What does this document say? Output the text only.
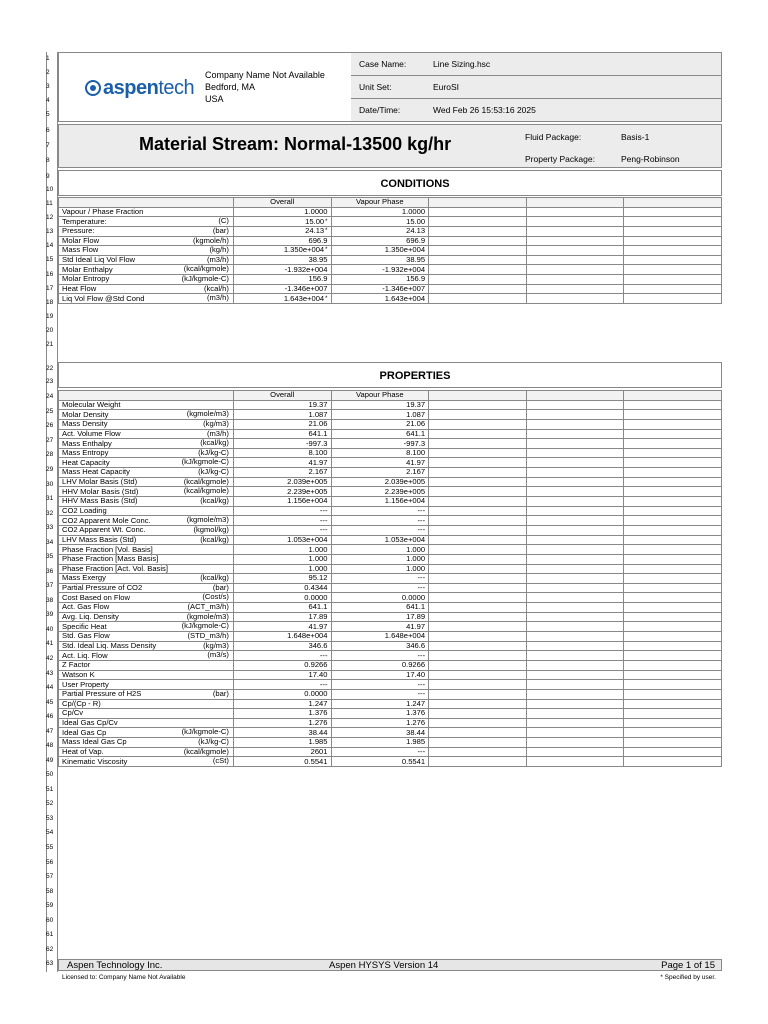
1
2
3
4
5
6
7
8
9
10
11
12
13
14
15
16
17
18
19
20
21
22
23
24
25
26
27
28
29
30
31
32
33
34
35
36
37
38
39
40
41
42
43
44
45
46
47
48
49
50
51
52
53
54
55
56
57
58
59
60
61
62
63
aspentech
Company Name Not Available
Bedford, MA
USA
Case Name:	Line Sizing.hsc
Unit Set:	EuroSI
Date/Time:	Wed Feb 26 15:53:16 2025
Material Stream: Normal-13500 kg/hr	Fluid Package:	Basis-1
Property Package:	Peng-Robinson
CONDITIONS
	Overall	Vapour Phase			
Vapour / Phase Fraction	1.0000	1.0000			
Temperature: (C)	15.00*	15.00			
Pressure: (bar)	24.13*	24.13			
Molar Flow (kgmole/h)	696.9	696.9			
Mass Flow (kg/h)	1.350e+004*	1.350e+004			
Std Ideal Liq Vol Flow (m3/h)	38.95	38.95			
Molar Enthalpy (kcal/kgmole)	-1.932e+004	-1.932e+004			
Molar Entropy (kJ/kgmole-C)	156.9	156.9			
Heat Flow (kcal/h)	-1.346e+007	-1.346e+007			
Liq Vol Flow @Std Cond (m3/h)	1.643e+004*	1.643e+004			
PROPERTIES
	Overall	Vapour Phase			
Molecular Weight	19.37	19.37			
Molar Density (kgmole/m3)	1.087	1.087			
Mass Density (kg/m3)	21.06	21.06			
Act. Volume Flow (m3/h)	641.1	641.1			
Mass Enthalpy (kcal/kg)	-997.3	-997.3			
Mass Entropy (kJ/kg-C)	8.100	8.100			
Heat Capacity (kJ/kgmole-C)	41.97	41.97			
Mass Heat Capacity (kJ/kg-C)	2.167	2.167			
LHV Molar Basis (Std) (kcal/kgmole)	2.039e+005	2.039e+005			
HHV Molar Basis (Std) (kcal/kgmole)	2.239e+005	2.239e+005			
HHV Mass Basis (Std) (kcal/kg)	1.156e+004	1.156e+004			
CO2 Loading	---	---			
CO2 Apparent Mole Conc. (kgmole/m3)	---	---			
CO2 Apparent Wt. Conc. (kgmol/kg)	---	---			
LHV Mass Basis (Std) (kcal/kg)	1.053e+004	1.053e+004			
Phase Fraction [Vol. Basis]	1.000	1.000			
Phase Fraction [Mass Basis]	1.000	1.000			
Phase Fraction [Act. Vol. Basis]	1.000	1.000			
Mass Exergy (kcal/kg)	95.12	---			
Partial Pressure of CO2 (bar)	0.4344	---			
Cost Based on Flow (Cost/s)	0.0000	0.0000			
Act. Gas Flow (ACT_m3/h)	641.1	641.1			
Avg. Liq. Density (kgmole/m3)	17.89	17.89			
Specific Heat (kJ/kgmole-C)	41.97	41.97			
Std. Gas Flow (STD_m3/h)	1.648e+004	1.648e+004			
Std. Ideal Liq. Mass Density (kg/m3)	346.6	346.6			
Act. Liq. Flow (m3/s)	---	---			
Z Factor	0.9266	0.9266			
Watson K	17.40	17.40			
User Property	---	---			
Partial Pressure of H2S (bar)	0.0000	---			
Cp/(Cp - R)	1.247	1.247			
Cp/Cv	1.376	1.376			
Ideal Gas Cp/Cv	1.276	1.276			
Ideal Gas Cp (kJ/kgmole-C)	38.44	38.44			
Mass Ideal Gas Cp (kJ/kg-C)	1.985	1.985			
Heat of Vap. (kcal/kgmole)	2601	---			
Kinematic Viscosity (cSt)	0.5541	0.5541			
Aspen Technology Inc.	Aspen HYSYS Version 14	Page 1 of 15
Licensed to: Company Name Not Available	* Specified by user.
